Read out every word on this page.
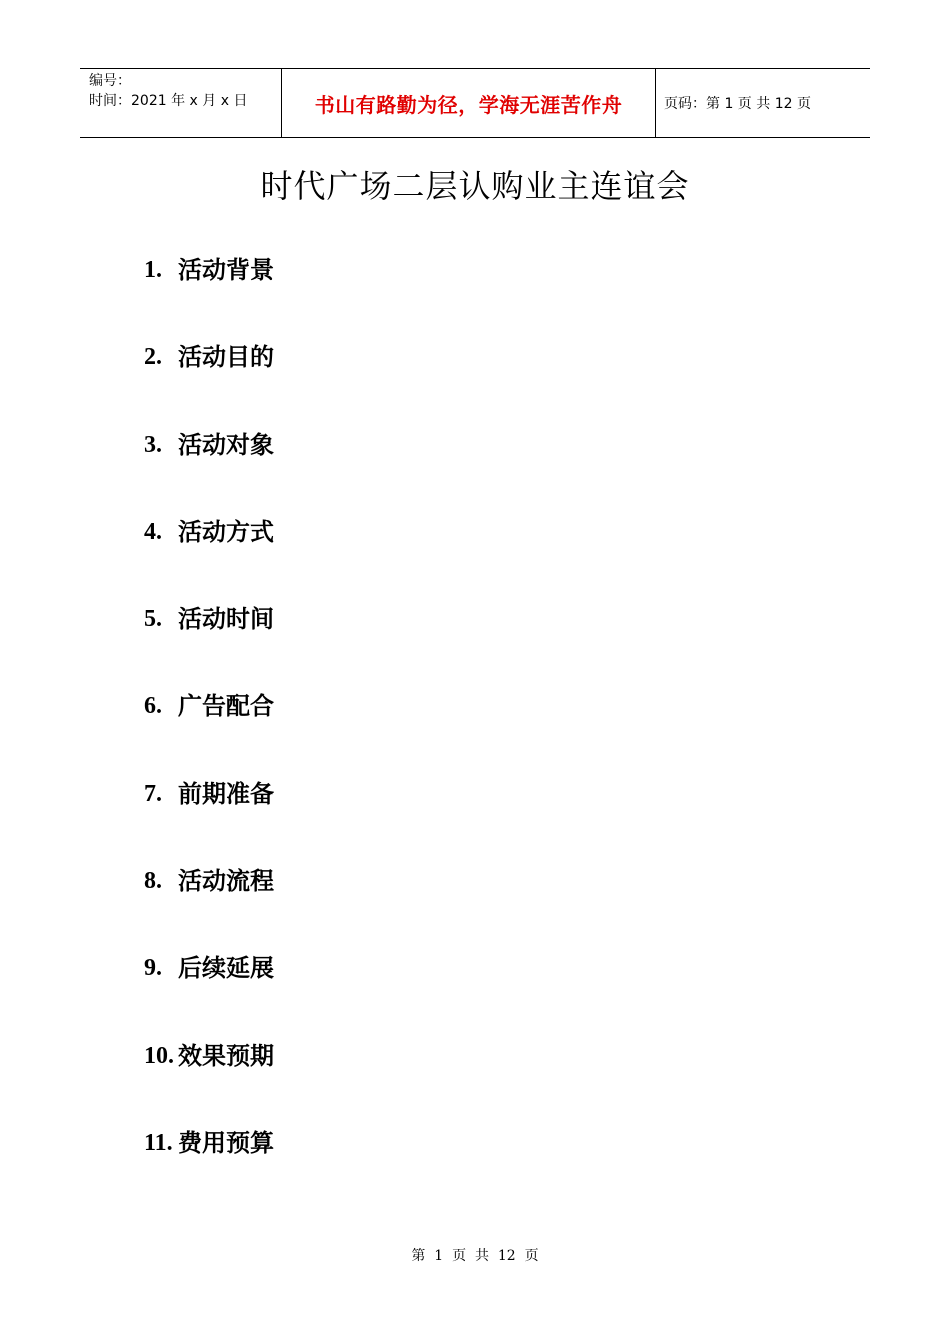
编号：
时间：2021 年 x 月 x 日	书山有路勤为径，学海无涯苦作舟	页码：第 1 页 共 12 页
时代广场二层认购业主连谊会
1. 活动背景
2. 活动目的
3. 活动对象
4. 活动方式
5. 活动时间
6. 广告配合
7. 前期准备
8. 活动流程
9. 后续延展
10. 效果预期
11. 费用预算
第  1  页  共  12  页
